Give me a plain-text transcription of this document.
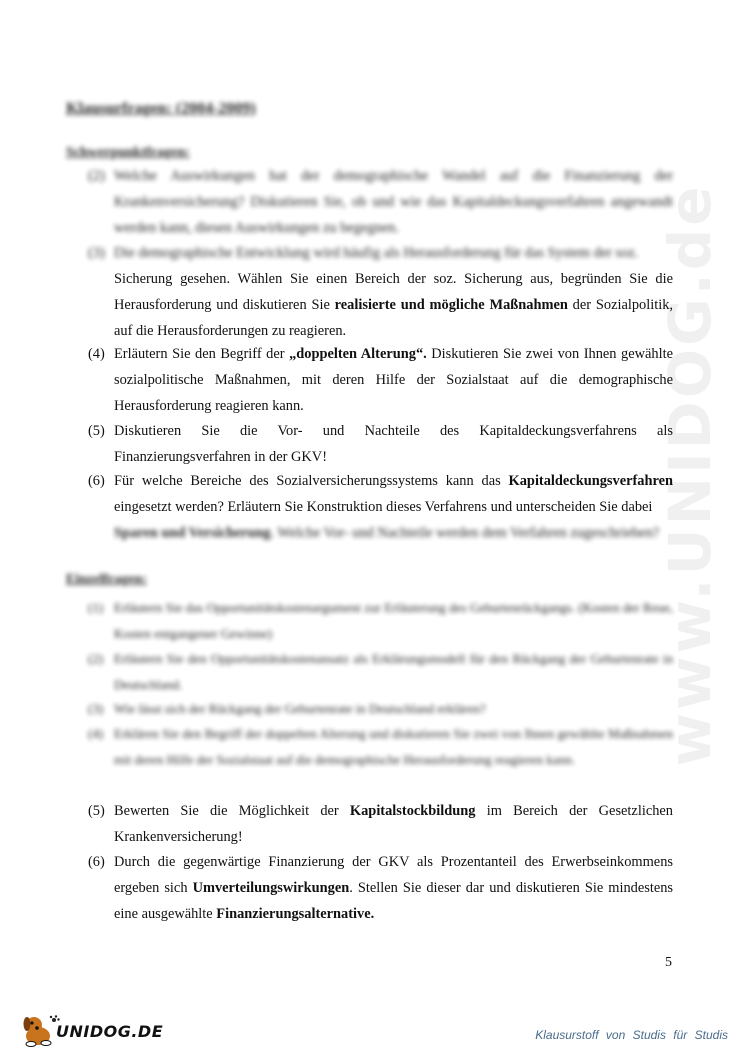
www.UNIDOG.de
Klausurfragen: (2004-2009)
Schwerpunktfragen:
(2) Welche Auswirkungen hat der demographische Wandel auf die Finanzierung der Krankenversicherung? Diskutieren Sie, ob und wie das Kapitaldeckungsverfahren angewandt werden kann, diesen Auswirkungen zu begegnen.
(3) Die demographische Entwicklung wird häufig als Herausforderung für das System der soz.
Sicherung gesehen. Wählen Sie einen Bereich der soz. Sicherung aus, begründen Sie die Herausforderung und diskutieren Sie realisierte und mögliche Maßnahmen der Sozialpolitik, auf die Herausforderungen zu reagieren.
(4) Erläutern Sie den Begriff der „doppelten Alterung“. Diskutieren Sie zwei von Ihnen gewählte sozialpolitische Maßnahmen, mit deren Hilfe der Sozialstaat auf die demographische Herausforderung reagieren kann.
(5) Diskutieren Sie die Vor- und Nachteile des Kapitaldeckungsverfahrens als Finanzierungsverfahren in der GKV!
(6) Für welche Bereiche des Sozialversicherungssystems kann das Kapitaldeckungsverfahren eingesetzt werden? Erläutern Sie Konstruktion dieses Verfahrens und unterscheiden Sie dabei
Sparen und Versicherung. Welche Vor- und Nachteile werden dem Verfahren zugeschrieben?
Einzelfragen:
(1) Erläutern Sie das Opportunitätskostenargument zur Erläuterung des Geburtenrückgangs. (Kosten der Reue, Kosten entgangener Gewinne)
(2) Erläutern Sie den Opportunitätskostenansatz als Erklärungsmodell für den Rückgang der Geburtenrate in Deutschland.
(3) Wie lässt sich der Rückgang der Geburtenrate in Deutschland erklären?
(4) Erklären Sie den Begriff der doppelten Alterung und diskutieren Sie zwei von Ihnen gewählte Maßnahmen mit deren Hilfe der Sozialstaat auf die demographische Herausforderung reagieren kann.
(5) Bewerten Sie die Möglichkeit der Kapitalstockbildung im Bereich der Gesetzlichen Krankenversicherung!
(6) Durch die gegenwärtige Finanzierung der GKV als Prozentanteil des Erwerbseinkommens ergeben sich Umverteilungswirkungen. Stellen Sie dieser dar und diskutieren Sie mindestens eine ausgewählte Finanzierungsalternative.
5
UNIDOG.DE	Klausurstoff von Studis für Studis
